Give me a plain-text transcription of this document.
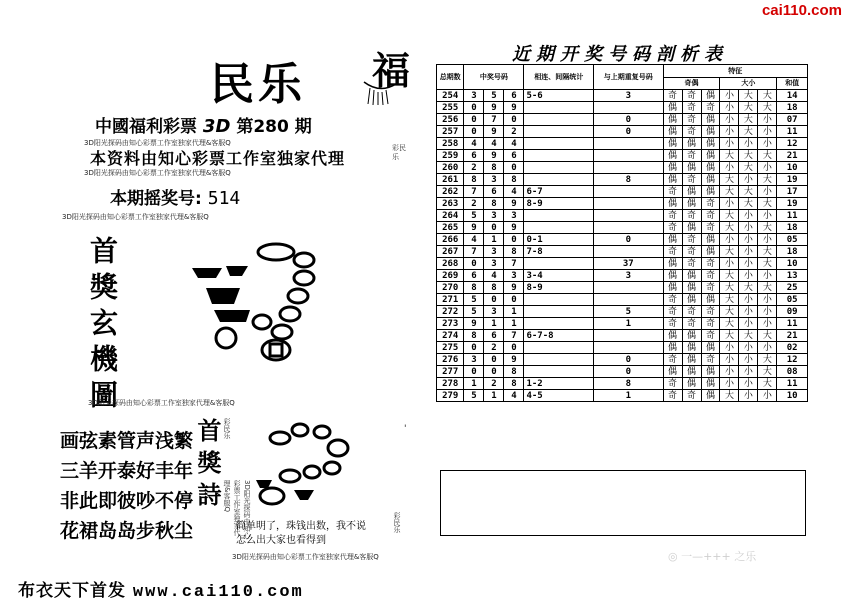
cai110.com
民乐 福
中國福利彩票 3D 第280 期
3D阳光探码由知心彩票工作室独家代理&客服Q
本资料由知心彩票工作室独家代理
3D阳光探码由知心彩票工作室独家代理&客服Q
彩民乐
本期摇奖号: 514
3D阳光探码由知心彩票工作室独家代理&客服Q
首獎玄機圖
3D阳光探码由知心彩票工作室独家代理&客服Q
ꞌ
画弦素管声浅繁
三羊开泰好丰年
非此即彼吵不停
花裙岛岛步秋尘
首獎詩 彩民乐
3D阳光探码由知心彩票工作室独家代理&客服Q
彩民乐
简单明了，珠钱出数，我不说
怎么出大家也看得到
3D阳光探码由知心彩票工作室独家代理&客服Q
布衣天下首发 www.cai110.com
近期开奖号码剖析表
总期数	中奖号码			相连、间隔统计	与上期重复号码	特征						
						奇偶			大小			和值
254	3	5	6	5-6	3	奇	奇	偶	小	大	大	14
255	0	9	9			偶	奇	奇	小	大	大	18
256	0	7	0		0	偶	奇	偶	小	大	小	07
257	0	9	2		0	偶	奇	偶	小	大	小	11
258	4	4	4			偶	偶	偶	小	小	小	12
259	6	9	6			偶	奇	偶	大	大	大	21
260	2	8	0			偶	偶	偶	小	大	小	10
261	8	3	8		8	偶	奇	偶	大	小	大	19
262	7	6	4	6-7		奇	偶	偶	大	大	小	17
263	2	8	9	8-9		偶	偶	奇	小	大	大	19
264	5	3	3			奇	奇	奇	大	小	小	11
265	9	0	9			奇	偶	奇	大	小	大	18
266	4	1	0	0-1	0	偶	奇	偶	小	小	小	05
267	7	3	8	7-8		奇	奇	偶	大	小	大	18
268	0	3	7		37	偶	奇	奇	小	小	大	10
269	6	4	3	3-4	3	偶	偶	奇	大	小	小	13
270	8	8	9	8-9		偶	偶	奇	大	大	大	25
271	5	0	0			奇	偶	偶	大	小	小	05
272	5	3	1		5	奇	奇	奇	大	小	小	09
273	9	1	1		1	奇	奇	奇	大	小	小	11
274	8	6	7	6-7-8		偶	偶	奇	大	大	大	21
275	0	2	0			偶	偶	偶	小	小	小	02
276	3	0	9		0	奇	偶	奇	小	小	大	12
277	0	0	8		0	偶	偶	偶	小	小	大	08
278	1	2	8	1-2	8	奇	偶	偶	小	小	大	11
279	5	1	4	4-5	1	奇	奇	偶	大	小	小	10
◎ 一—+++ 之乐
